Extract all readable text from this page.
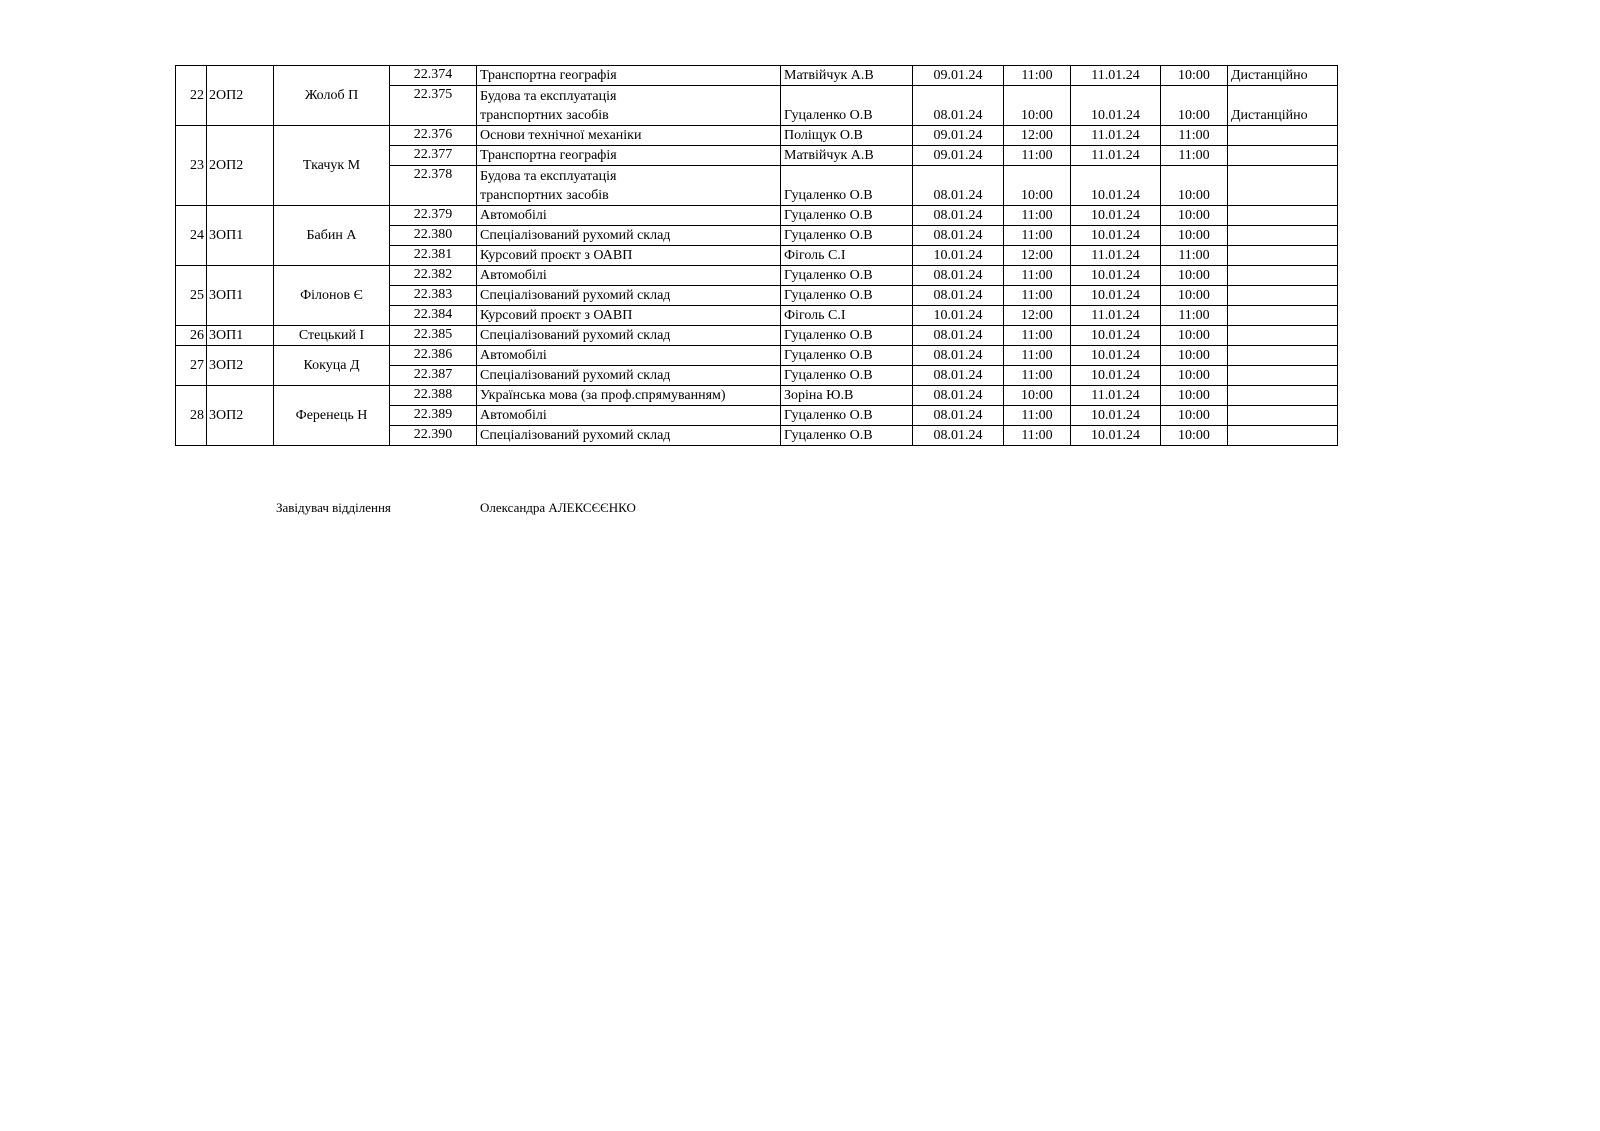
22	2ОП2	Жолоб П	22.374	Транспортна географія	Матвійчук А.В	09.01.24	11:00	11.01.24	10:00	Дистанційно
			22.375	Будова та експлуатація
транспортних засобів	Гуцаленко О.В	08.01.24	10:00	10.01.24	10:00	Дистанційно
23	2ОП2	Ткачук М	22.376	Основи технічної механіки	Поліщук О.В	09.01.24	12:00	11.01.24	11:00	
			22.377	Транспортна географія	Матвійчук А.В	09.01.24	11:00	11.01.24	11:00	
			22.378	Будова та експлуатація
транспортних засобів	Гуцаленко О.В	08.01.24	10:00	10.01.24	10:00	
24	3ОП1	Бабин А	22.379	Автомобілі	Гуцаленко О.В	08.01.24	11:00	10.01.24	10:00	
			22.380	Спеціалізований рухомий склад	Гуцаленко О.В	08.01.24	11:00	10.01.24	10:00	
			22.381	Курсовий проєкт з ОАВП	Фіголь С.І	10.01.24	12:00	11.01.24	11:00	
25	3ОП1	Філонов Є	22.382	Автомобілі	Гуцаленко О.В	08.01.24	11:00	10.01.24	10:00	
			22.383	Спеціалізований рухомий склад	Гуцаленко О.В	08.01.24	11:00	10.01.24	10:00	
			22.384	Курсовий проєкт з ОАВП	Фіголь С.І	10.01.24	12:00	11.01.24	11:00	
26	3ОП1	Стецький І	22.385	Спеціалізований рухомий склад	Гуцаленко О.В	08.01.24	11:00	10.01.24	10:00	
27	3ОП2	Кокуца Д	22.386	Автомобілі	Гуцаленко О.В	08.01.24	11:00	10.01.24	10:00	
			22.387	Спеціалізований рухомий склад	Гуцаленко О.В	08.01.24	11:00	10.01.24	10:00	
28	3ОП2	Ференець Н	22.388	Українська мова (за проф.спрямуванням)	Зоріна Ю.В	08.01.24	10:00	11.01.24	10:00	
			22.389	Автомобілі	Гуцаленко О.В	08.01.24	11:00	10.01.24	10:00	
			22.390	Спеціалізований рухомий склад	Гуцаленко О.В	08.01.24	11:00	10.01.24	10:00	
Завідувач відділення	Олександра АЛЕКСЄЄНКО
